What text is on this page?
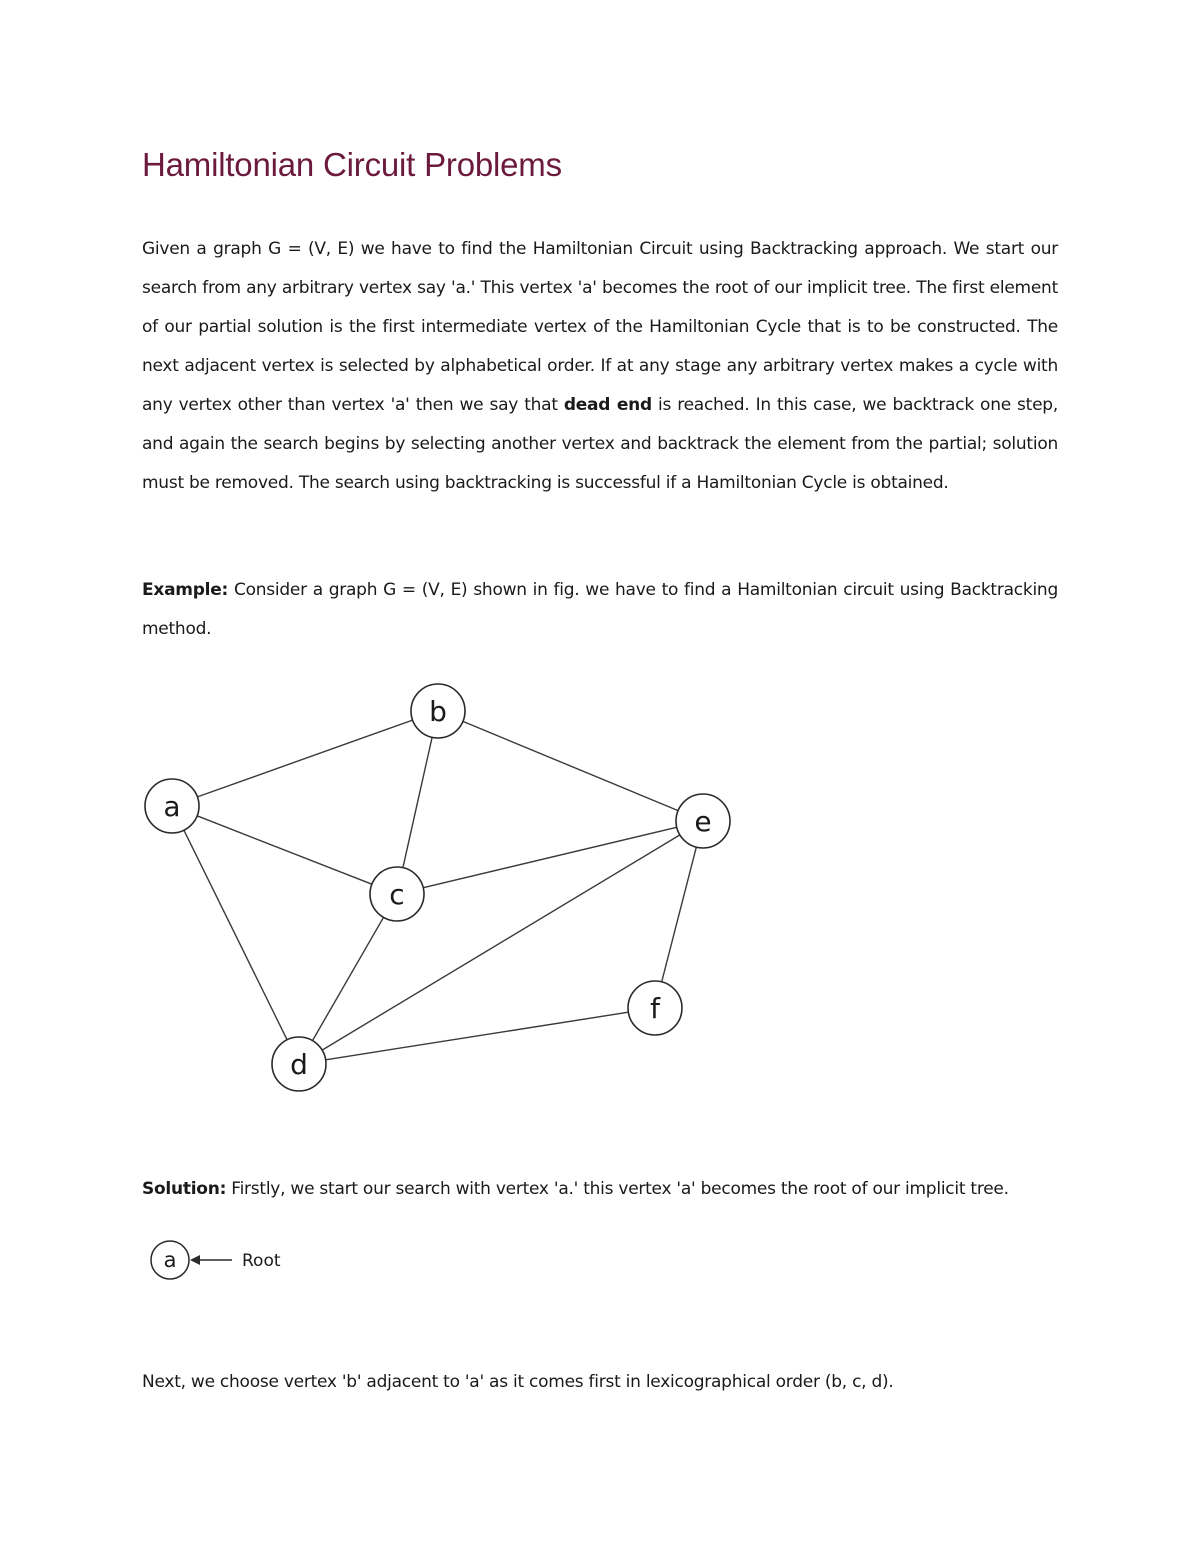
Hamiltonian Circuit Problems

Given a graph G = (V, E) we have to find the Hamiltonian Circuit using Backtracking approach. We start our search from any arbitrary vertex say 'a.' This vertex 'a' becomes the root of our implicit tree. The first element of our partial solution is the first intermediate vertex of the Hamiltonian Cycle that is to be constructed. The next adjacent vertex is selected by alphabetical order. If at any stage any arbitrary vertex makes a cycle with any vertex other than vertex 'a' then we say that dead end is reached. In this case, we backtrack one step, and again the search begins by selecting another vertex and backtrack the element from the partial; solution must be removed. The search using backtracking is successful if a Hamiltonian Cycle is obtained.

Example: Consider a graph G = (V, E) shown in fig. we have to find a Hamiltonian circuit using Backtracking method.

a
b
c
d
e
f

Solution: Firstly, we start our search with vertex 'a.' this vertex 'a' becomes the root of our implicit tree.

a	Root

Next, we choose vertex 'b' adjacent to 'a' as it comes first in lexicographical order (b, c, d).
